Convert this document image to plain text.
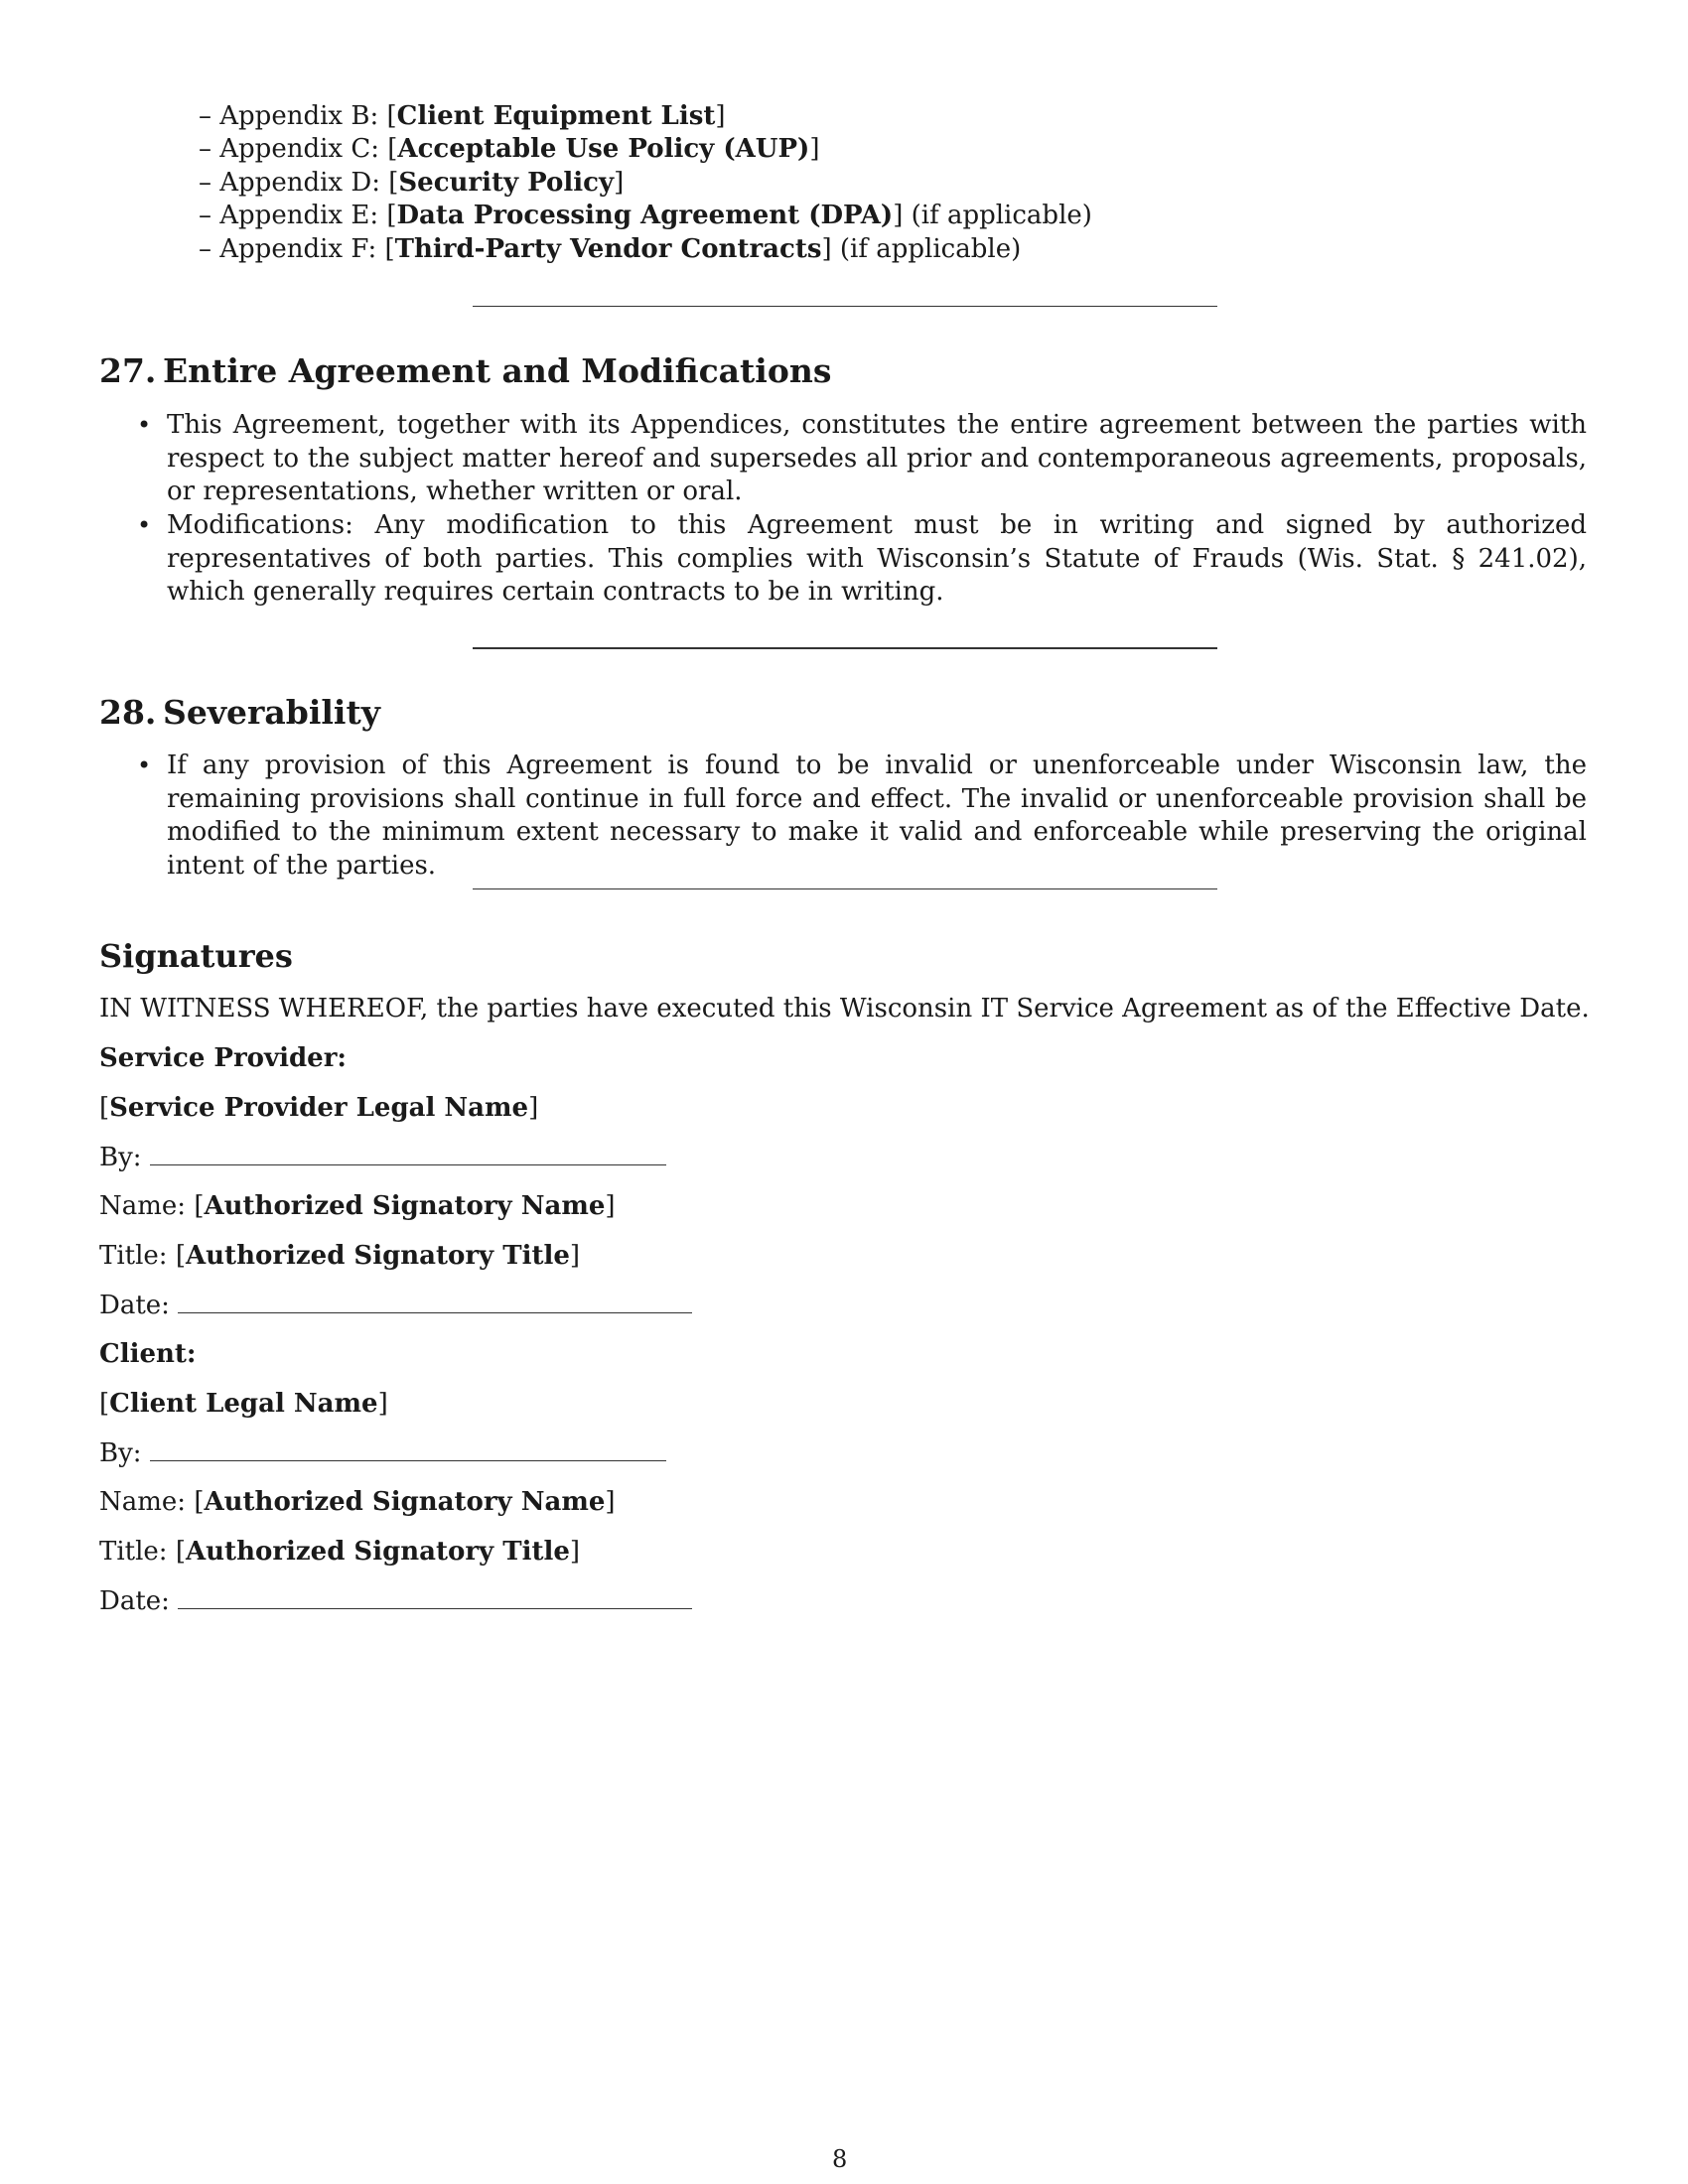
– Appendix B: [Client Equipment List]
– Appendix C: [Acceptable Use Policy (AUP)]
– Appendix D: [Security Policy]
– Appendix E: [Data Processing Agreement (DPA)] (if applicable)
– Appendix F: [Third-Party Vendor Contracts] (if applicable)
27. Entire Agreement and Modifications
• This Agreement, together with its Appendices, constitutes the entire agreement between the parties with respect to the subject matter hereof and supersedes all prior and contemporaneous agreements, proposals, or representations, whether written or oral.
• Modifications: Any modification to this Agreement must be in writing and signed by authorized representatives of both parties. This complies with Wisconsin’s Statute of Frauds (Wis. Stat. § 241.02), which generally requires certain contracts to be in writing.
28. Severability
• If any provision of this Agreement is found to be invalid or unenforceable under Wisconsin law, the remaining provisions shall continue in full force and effect. The invalid or unenforceable provision shall be modified to the minimum extent necessary to make it valid and enforceable while preserving the original intent of the parties.
Signatures
IN WITNESS WHEREOF, the parties have executed this Wisconsin IT Service Agreement as of the Effective Date.
Service Provider:
[Service Provider Legal Name]
By:
Name: [Authorized Signatory Name]
Title: [Authorized Signatory Title]
Date:
Client:
[Client Legal Name]
By:
Name: [Authorized Signatory Name]
Title: [Authorized Signatory Title]
Date:
8
